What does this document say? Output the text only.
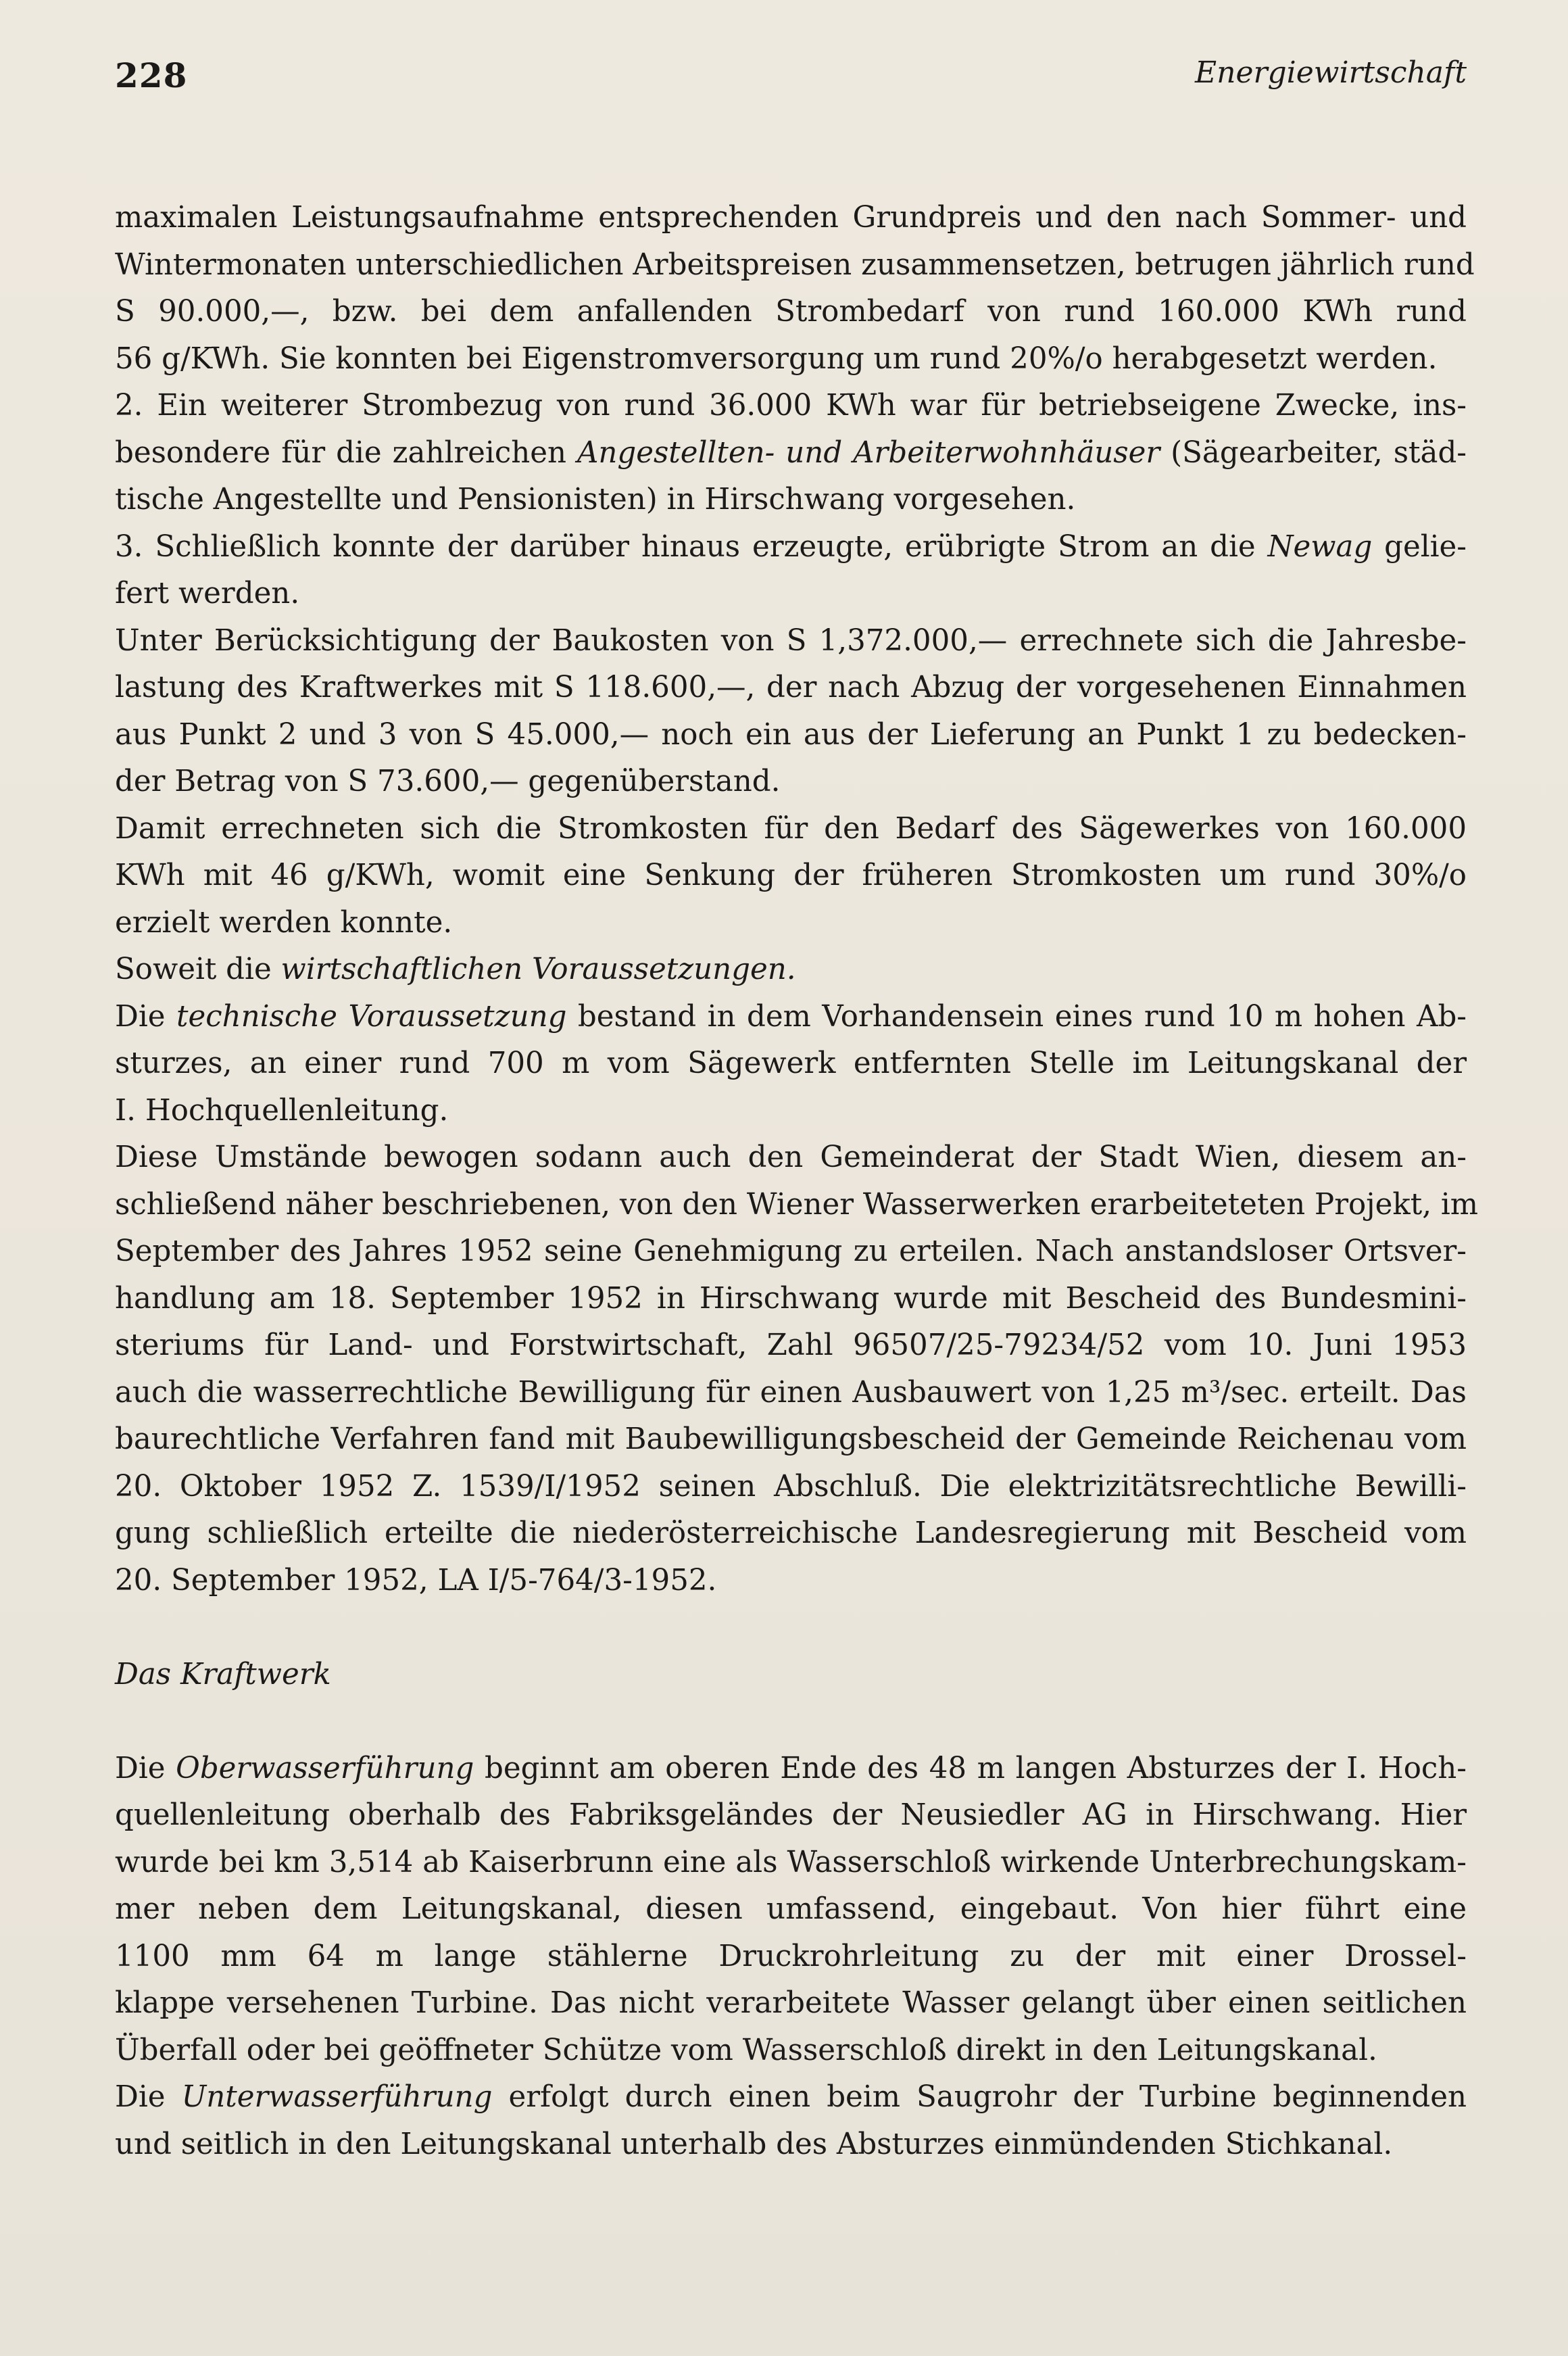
228	Energiewirtschaft
maximalen Leistungsaufnahme entsprechenden Grundpreis und den nach Sommer- und
Wintermonaten unterschiedlichen Arbeitspreisen zusammensetzen, betrugen jährlich rund
S 90.000,—, bzw. bei dem anfallenden Strombedarf von rund 160.000 KWh rund
56 g/KWh. Sie konnten bei Eigenstromversorgung um rund 20%/o herabgesetzt werden.
2. Ein weiterer Strombezug von rund 36.000 KWh war für betriebseigene Zwecke, ins-
besondere für die zahlreichen Angestellten- und Arbeiterwohnhäuser (Sägearbeiter, städ-
tische Angestellte und Pensionisten) in Hirschwang vorgesehen.
3. Schließlich konnte der darüber hinaus erzeugte, erübrigte Strom an die Newag gelie-
fert werden.
Unter Berücksichtigung der Baukosten von S 1,372.000,— errechnete sich die Jahresbe-
lastung des Kraftwerkes mit S 118.600,—, der nach Abzug der vorgesehenen Einnahmen
aus Punkt 2 und 3 von S 45.000,— noch ein aus der Lieferung an Punkt 1 zu bedecken-
der Betrag von S 73.600,— gegenüberstand.
Damit errechneten sich die Stromkosten für den Bedarf des Sägewerkes von 160.000
KWh mit 46 g/KWh, womit eine Senkung der früheren Stromkosten um rund 30%/o
erzielt werden konnte.
Soweit die wirtschaftlichen Voraussetzungen.
Die technische Voraussetzung bestand in dem Vorhandensein eines rund 10 m hohen Ab-
sturzes, an einer rund 700 m vom Sägewerk entfernten Stelle im Leitungskanal der
I. Hochquellenleitung.
Diese Umstände bewogen sodann auch den Gemeinderat der Stadt Wien, diesem an-
schließend näher beschriebenen, von den Wiener Wasserwerken erarbeiteteten Projekt, im
September des Jahres 1952 seine Genehmigung zu erteilen. Nach anstandsloser Ortsver-
handlung am 18. September 1952 in Hirschwang wurde mit Bescheid des Bundesmini-
steriums für Land- und Forstwirtschaft, Zahl 96507/25-79234/52 vom 10. Juni 1953
auch die wasserrechtliche Bewilligung für einen Ausbauwert von 1,25 m³/sec. erteilt. Das
baurechtliche Verfahren fand mit Baubewilligungsbescheid der Gemeinde Reichenau vom
20. Oktober 1952 Z. 1539/I/1952 seinen Abschluß. Die elektrizitätsrechtliche Bewilli-
gung schließlich erteilte die niederösterreichische Landesregierung mit Bescheid vom
20. September 1952, LA I/5-764/3-1952.
Das Kraftwerk
Die Oberwasserführung beginnt am oberen Ende des 48 m langen Absturzes der I. Hoch-
quellenleitung oberhalb des Fabriksgeländes der Neusiedler AG in Hirschwang. Hier
wurde bei km 3,514 ab Kaiserbrunn eine als Wasserschloß wirkende Unterbrechungskam-
mer neben dem Leitungskanal, diesen umfassend, eingebaut. Von hier führt eine
1100 mm 64 m lange stählerne Druckrohrleitung zu der mit einer Drossel-
klappe versehenen Turbine. Das nicht verarbeitete Wasser gelangt über einen seitlichen
Überfall oder bei geöffneter Schütze vom Wasserschloß direkt in den Leitungskanal.
Die Unterwasserführung erfolgt durch einen beim Saugrohr der Turbine beginnenden
und seitlich in den Leitungskanal unterhalb des Absturzes einmündenden Stichkanal.
